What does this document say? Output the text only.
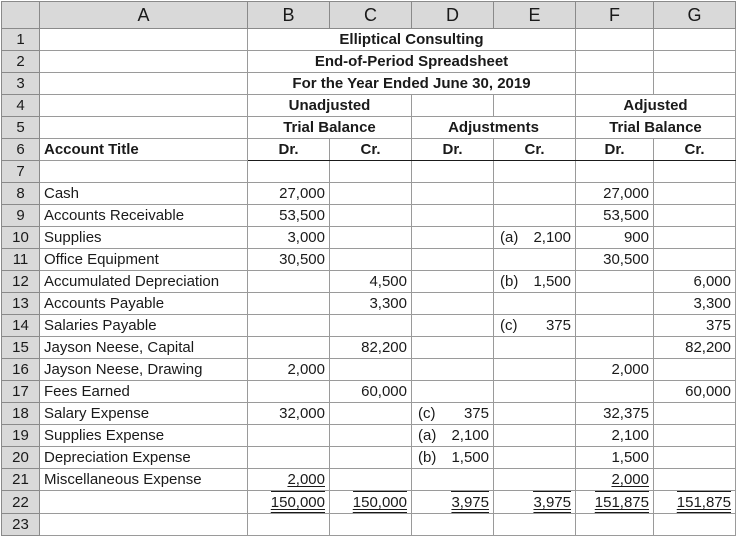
	A	B	C	D	E	F	G
1		Elliptical Consulting					
2		End-of-Period Spreadsheet					
3		For the Year Ended June 30, 2019					
4		Unadjusted				Adjusted	
5		Trial Balance		Adjustments		Trial Balance	
6	Account Title	Dr.	Cr.	Dr.	Cr.	Dr.	Cr.
7							
8	Cash	27,000				27,000	
9	Accounts Receivable	53,500				53,500	
10	Supplies	3,000			(a) 2,100	900	
11	Office Equipment	30,500				30,500	
12	Accumulated Depreciation		4,500		(b) 1,500		6,000
13	Accounts Payable		3,300				3,300
14	Salaries Payable				(c) 375		375
15	Jayson Neese, Capital		82,200				82,200
16	Jayson Neese, Drawing	2,000				2,000	
17	Fees Earned		60,000				60,000
18	Salary Expense	32,000		(c) 375		32,375	
19	Supplies Expense			(a) 2,100		2,100	
20	Depreciation Expense			(b) 1,500		1,500	
21	Miscellaneous Expense	2,000				2,000	
22		150,000	150,000	3,975	3,975	151,875	151,875
23							
